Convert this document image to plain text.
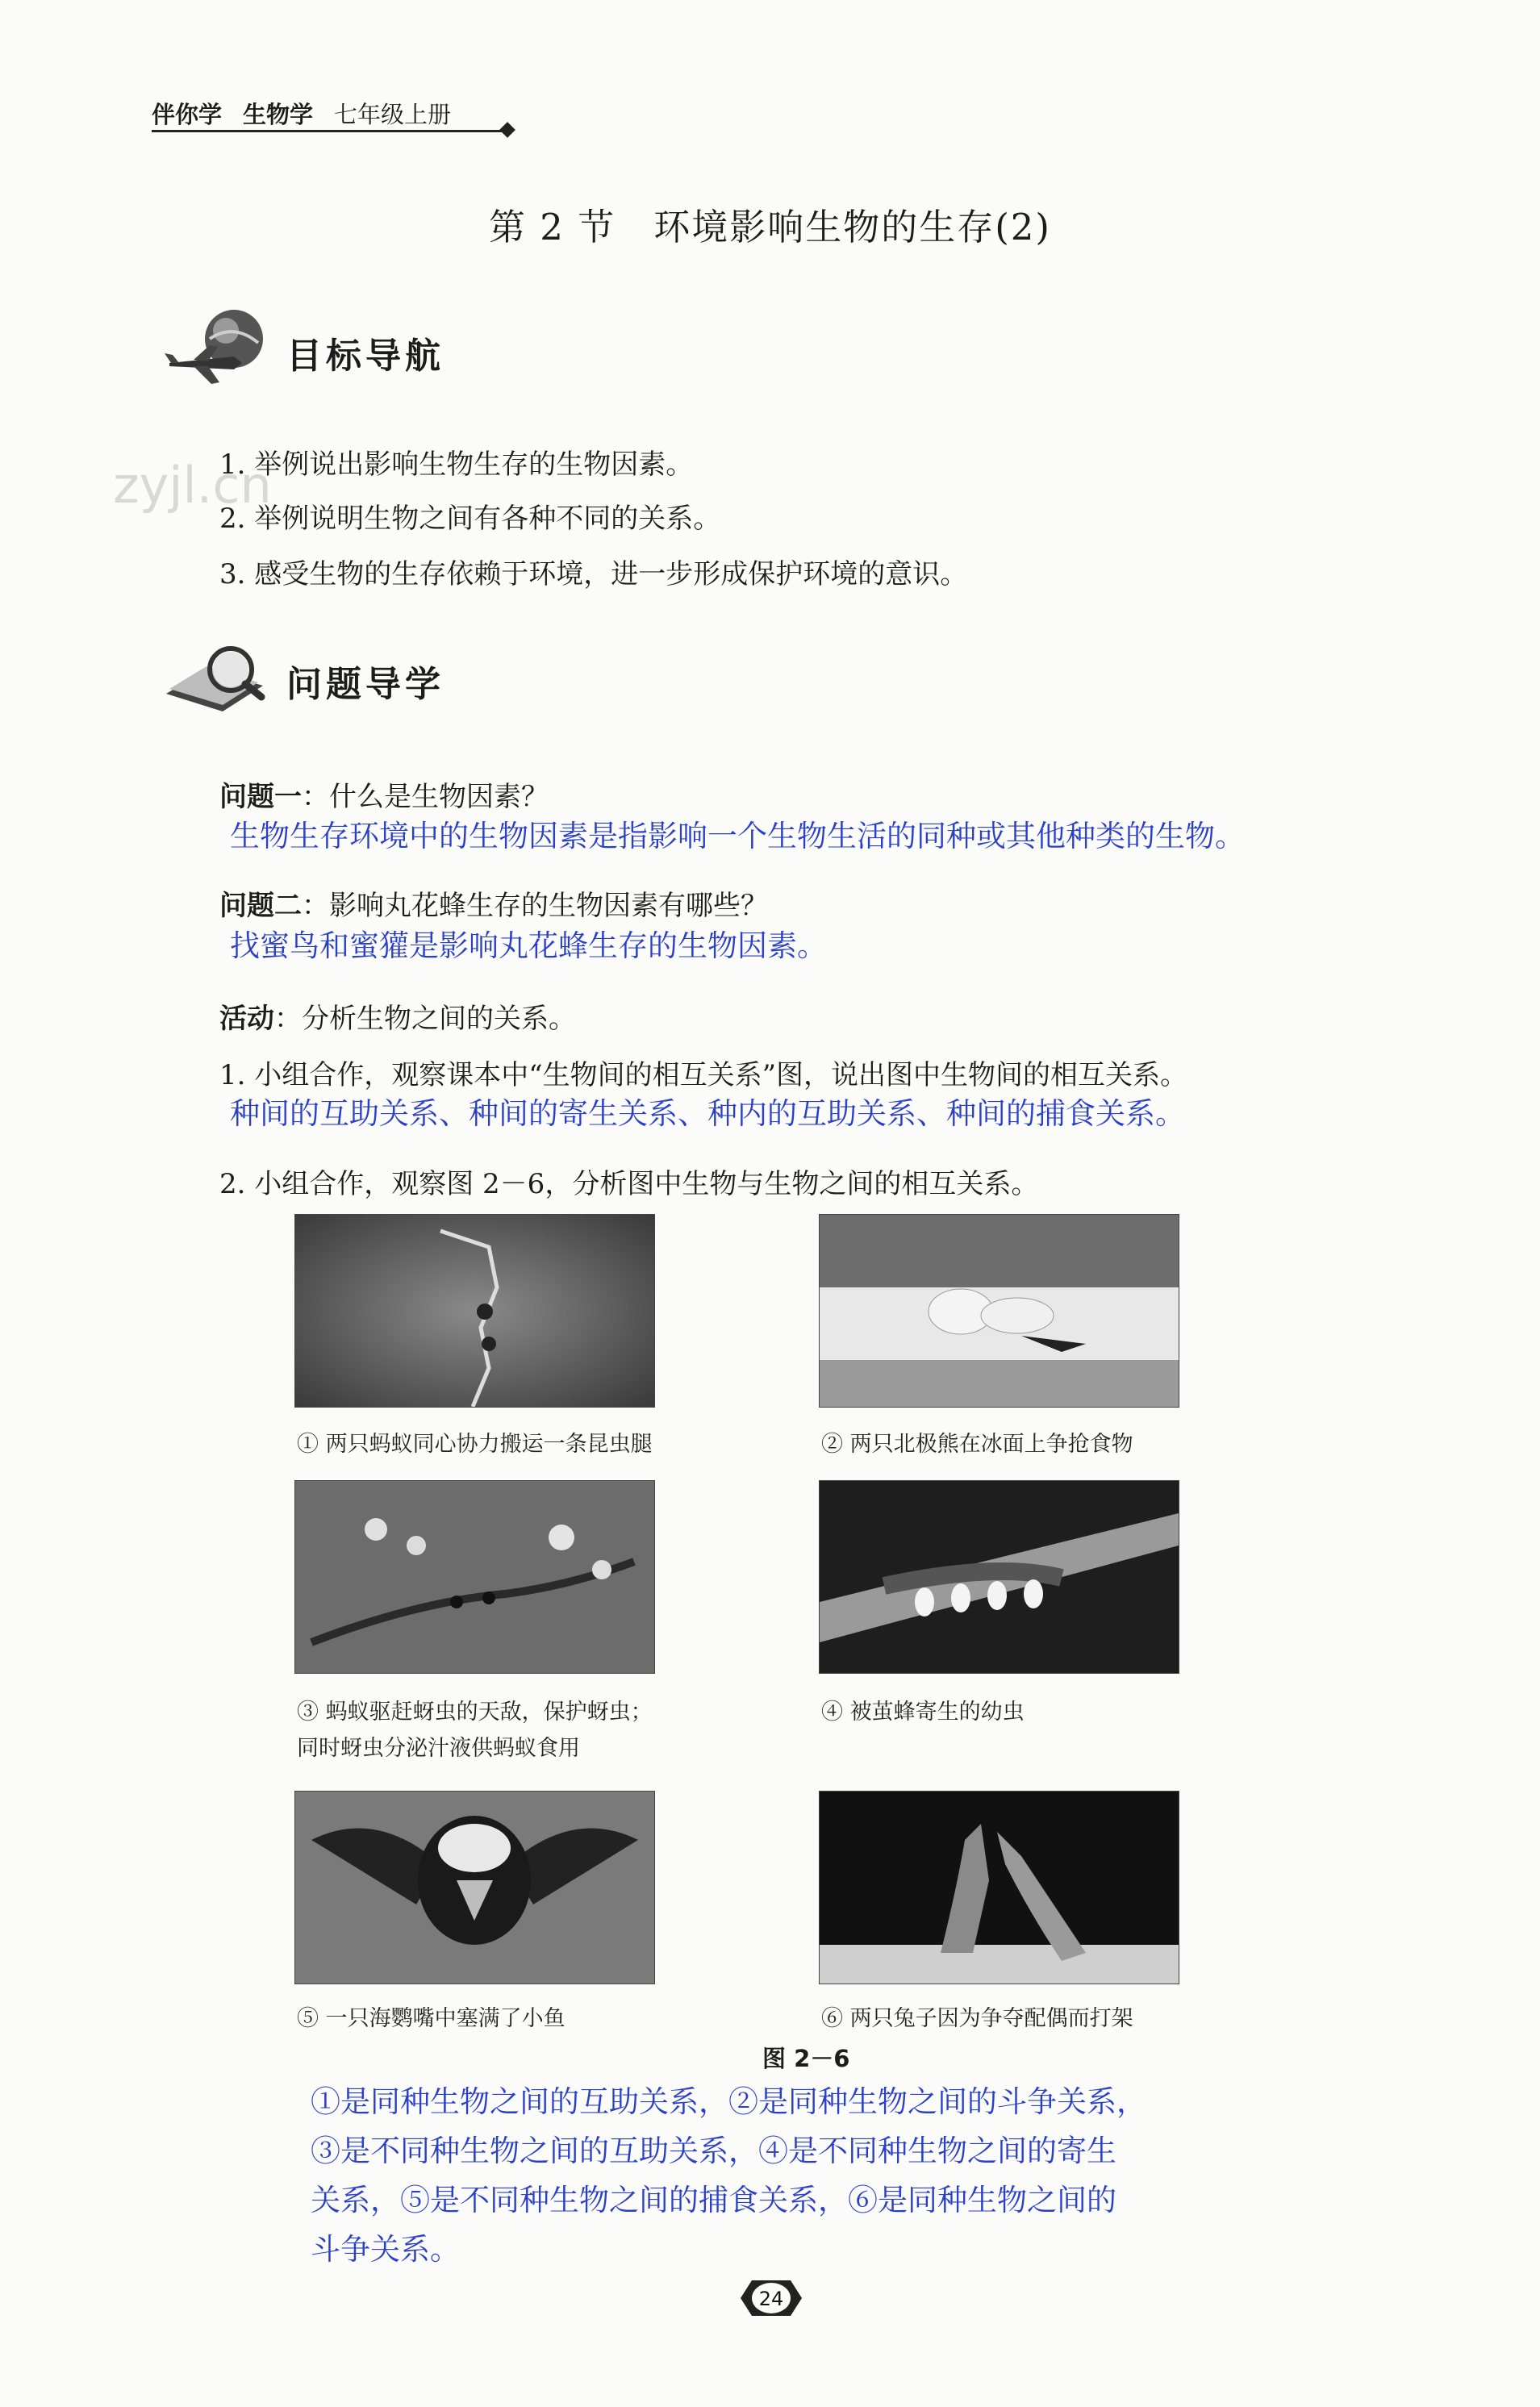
伴你学 生物学 七年级上册
zyjl.cn
第 2 节　环境影响生物的生存(2)
目标导航
1. 举例说出影响生物生存的生物因素。
2. 举例说明生物之间有各种不同的关系。
3. 感受生物的生存依赖于环境，进一步形成保护环境的意识。
问题导学
问题一：什么是生物因素？
生物生存环境中的生物因素是指影响一个生物生活的同种或其他种类的生物。
问题二：影响丸花蜂生存的生物因素有哪些？
找蜜鸟和蜜獾是影响丸花蜂生存的生物因素。
活动：分析生物之间的关系。
1. 小组合作，观察课本中“生物间的相互关系”图，说出图中生物间的相互关系。
种间的互助关系、种间的寄生关系、种内的互助关系、种间的捕食关系。
2. 小组合作，观察图 2－6，分析图中生物与生物之间的相互关系。
① 两只蚂蚁同心协力搬运一条昆虫腿	② 两只北极熊在冰面上争抢食物
③ 蚂蚁驱赶蚜虫的天敌，保护蚜虫；
同时蚜虫分泌汁液供蚂蚁食用
④ 被茧蜂寄生的幼虫
⑤ 一只海鹦嘴中塞满了小鱼	⑥ 两只兔子因为争夺配偶而打架
图 2－6
①是同种生物之间的互助关系，②是同种生物之间的斗争关系，
③是不同种生物之间的互助关系，④是不同种生物之间的寄生
关系，⑤是不同种生物之间的捕食关系，⑥是同种生物之间的
斗争关系。
24
